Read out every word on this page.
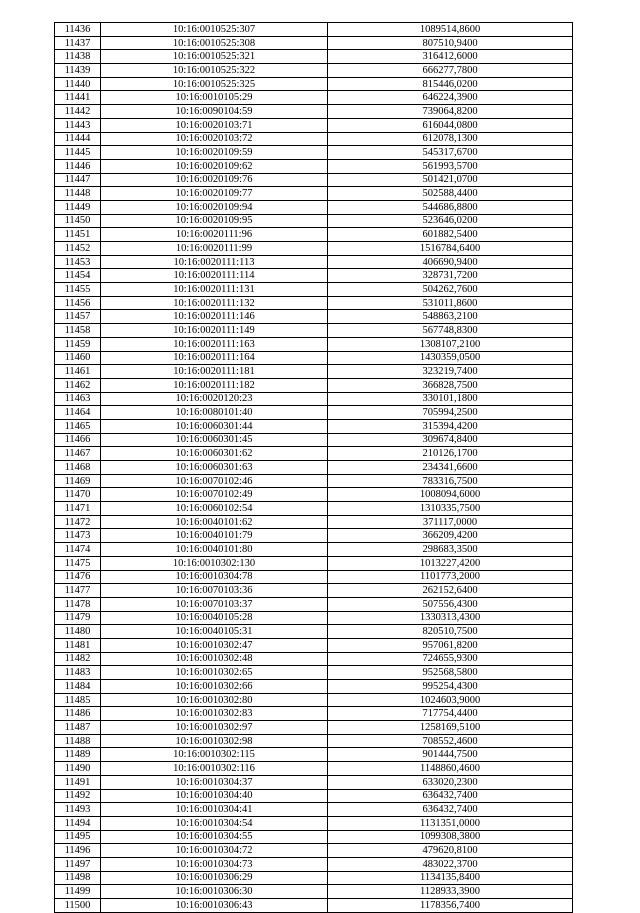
11436	10:16:0010525:307	1089514,8600
11437	10:16:0010525:308	807510,9400
11438	10:16:0010525:321	316412,6000
11439	10:16:0010525:322	666277,7800
11440	10:16:0010525:325	815446,0200
11441	10:16:0010105:29	646224,3900
11442	10:16:0090104:59	739064,8200
11443	10:16:0020103:71	616044,0800
11444	10:16:0020103:72	612078,1300
11445	10:16:0020109:59	545317,6700
11446	10:16:0020109:62	561993,5700
11447	10:16:0020109:76	501421,0700
11448	10:16:0020109:77	502588,4400
11449	10:16:0020109:94	544686,8800
11450	10:16:0020109:95	523646,0200
11451	10:16:0020111:96	601882,5400
11452	10:16:0020111:99	1516784,6400
11453	10:16:0020111:113	406690,9400
11454	10:16:0020111:114	328731,7200
11455	10:16:0020111:131	504262,7600
11456	10:16:0020111:132	531011,8600
11457	10:16:0020111:146	548863,2100
11458	10:16:0020111:149	567748,8300
11459	10:16:0020111:163	1308107,2100
11460	10:16:0020111:164	1430359,0500
11461	10:16:0020111:181	323219,7400
11462	10:16:0020111:182	366828,7500
11463	10:16:0020120:23	330101,1800
11464	10:16:0080101:40	705994,2500
11465	10:16:0060301:44	315394,4200
11466	10:16:0060301:45	309674,8400
11467	10:16:0060301:62	210126,1700
11468	10:16:0060301:63	234341,6600
11469	10:16:0070102:46	783316,7500
11470	10:16:0070102:49	1008094,6000
11471	10:16:0060102:54	1310335,7500
11472	10:16:0040101:62	371117,0000
11473	10:16:0040101:79	366209,4200
11474	10:16:0040101:80	298683,3500
11475	10:16:0010302:130	1013227,4200
11476	10:16:0010304:78	1101773,2000
11477	10:16:0070103:36	262152,6400
11478	10:16:0070103:37	507556,4300
11479	10:16:0040105:28	1330313,4300
11480	10:16:0040105:31	820510,7500
11481	10:16:0010302:47	957061,8200
11482	10:16:0010302:48	724655,9300
11483	10:16:0010302:65	952568,5800
11484	10:16:0010302:66	995254,4300
11485	10:16:0010302:80	1024603,9000
11486	10:16:0010302:83	717754,4400
11487	10:16:0010302:97	1258169,5100
11488	10:16:0010302:98	708552,4600
11489	10:16:0010302:115	901444,7500
11490	10:16:0010302:116	1148860,4600
11491	10:16:0010304:37	633020,2300
11492	10:16:0010304:40	636432,7400
11493	10:16:0010304:41	636432,7400
11494	10:16:0010304:54	1131351,0000
11495	10:16:0010304:55	1099308,3800
11496	10:16:0010304:72	479620,8100
11497	10:16:0010304:73	483022,3700
11498	10:16:0010306:29	1134135,8400
11499	10:16:0010306:30	1128933,3900
11500	10:16:0010306:43	1178356,7400
